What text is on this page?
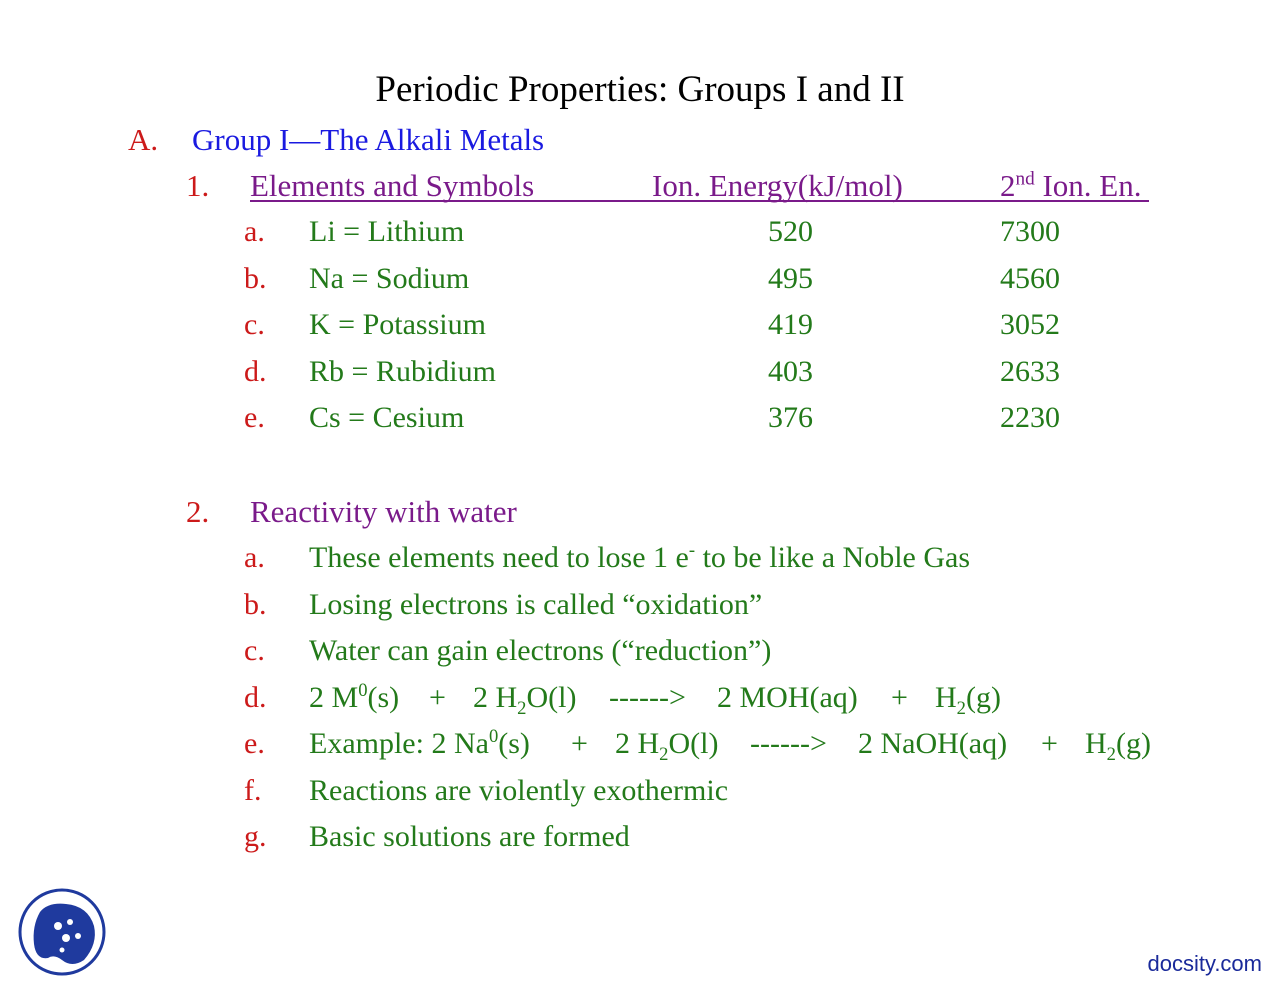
Periodic Properties: Groups I and II
A. Group I—The Alkali Metals
1. Elements and Symbols	Ion. Energy(kJ/mol)	2nd Ion. En.
a. Li = Lithium	520	7300
b. Na = Sodium	495	4560
c. K = Potassium	419	3052
d. Rb = Rubidium	403	2633
e. Cs = Cesium	376	2230
2. Reactivity with water
a. These elements need to lose 1 e- to be like a Noble Gas
b. Losing electrons is called “oxidation”
c. Water can gain electrons (“reduction”)
d. 2 $M^0(s) + 2$ $H_2O(l)$ ------> 2 $MOH(aq) + H_2(g)$
e. Example: 2 $Na^0(s) + 2$ $H_2O(l)$ ------> 2 NaOH(aq) + $H_2(g)$
f. Reactions are violently exothermic
g. Basic solutions are formed
docsity.com
